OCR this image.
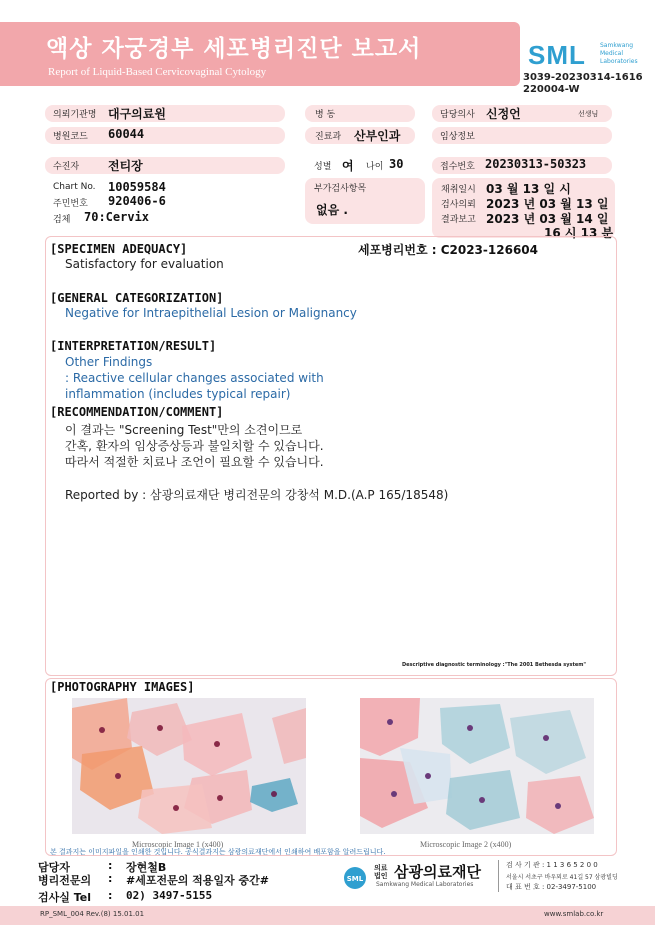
액상 자궁경부 세포병리진단 보고서
Report of Liquid-Based Cervicovaginal Cytology
SML Samkwang Medical Laboratories
3039-20230314-1616 220004-W
의뢰기관명 대구의료원	병 동	담당의사 신정언	선생님
병원코드 60044	진료과 산부인과	임상정보
수진자 전티장	성별 여 나이 30	접수번호 20230313-50323
Chart No. 10059584
주민번호 920406-6
검체 70:Cervix
부가검사항목
없음 .
채취일시 03 월 13 일 시
검사의뢰 2023 년 03 월 13 일
결과보고 2023 년 03 월 14 일
16 시 13 분
[SPECIMEN ADEQUACY]	세포병리번호 : C2023-126604
Satisfactory for evaluation
[GENERAL CATEGORIZATION]
Negative for Intraepithelial Lesion or Malignancy
[INTERPRETATION/RESULT]
Other Findings
: Reactive cellular changes associated with
inflammation (includes typical repair)
[RECOMMENDATION/COMMENT]
이 결과는 "Screening Test"만의 소견이므로
간혹, 환자의 임상증상등과 불일치할 수 있습니다.
따라서 적절한 치료나 조언이 필요할 수 있습니다.
Reported by : 삼광의료재단 병리전문의 강창석 M.D.(A.P 165/18548)
Descriptive diagnostic terminology :"The 2001 Bethesda system"
[PHOTOGRAPHY IMAGES]
Microscopic Image 1 (x400)	Microscopic Image 2 (x400)
본 결과지는 이미지파일을 인쇄한 것입니다. 공식결과지는 삼광의료재단에서 인쇄하여 배포함을 알려드립니다.
담당자	: 장현철B
병리전문의 : #세포전문의 적용일자 중간#
검사실 Tel : 02) 3497-5155
SML
의료 법인 삼광의료재단
Samkwang Medical Laboratories
검 사 기 관 : 1 1 3 6 5 2 0 0
서울시 서초구 바우뫼로 41길 57 삼광빌딩
대 표 번 호 : 02-3497-5100
RP_SML_004 Rev.(8) 15.01.01	www.smlab.co.kr
